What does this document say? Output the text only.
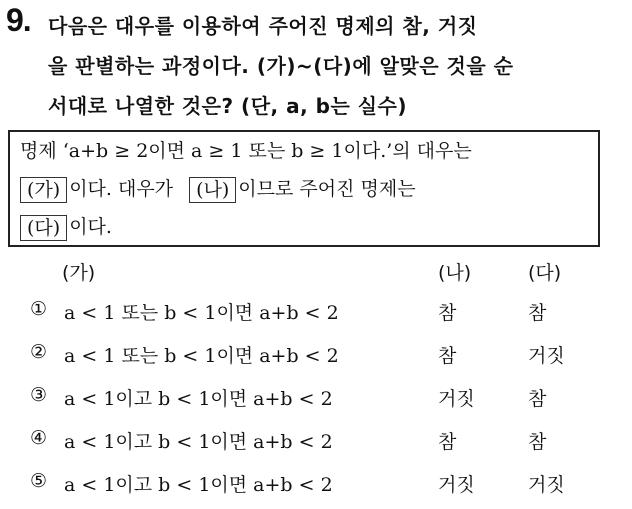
9. 다음은 대우를 이용하여 주어진 명제의 참, 거짓
을 판별하는 과정이다. (가)~(다)에 알맞은 것을 순
서대로 나열한 것은? (단, a, b는 실수)
명제 ‘a+b ≥ 2이면 a ≥ 1 또는 b ≥ 1이다.’의 대우는
(가) 이다. 대우가 (나) 이므로 주어진 명제는
(다) 이다.
(가)	(나)	(다)
① a < 1 또는 b < 1이면 a+b < 2	참	참
② a < 1 또는 b < 1이면 a+b < 2	참	거짓
③ a < 1이고 b < 1이면 a+b < 2	거짓	참
④ a < 1이고 b < 1이면 a+b < 2	참	참
⑤ a < 1이고 b < 1이면 a+b < 2	거짓	거짓
